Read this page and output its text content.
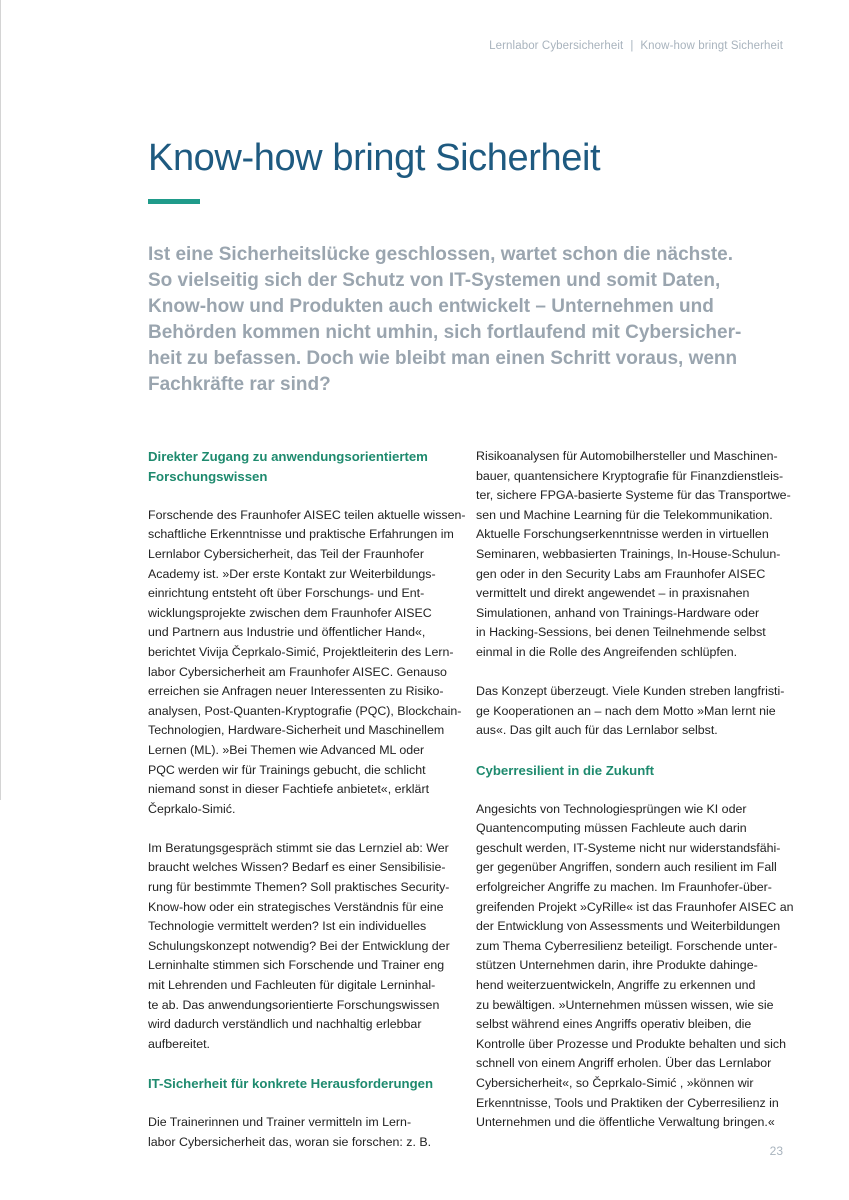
Lernlabor Cybersicherheit | Know-how bringt Sicherheit
Know-how bringt Sicherheit
Ist eine Sicherheitslücke geschlossen, wartet schon die nächste.
So vielseitig sich der Schutz von IT-Systemen und somit Daten,
Know-how und Produkten auch entwickelt – Unternehmen und
Behörden kommen nicht umhin, sich fortlaufend mit Cybersicher-
heit zu befassen. Doch wie bleibt man einen Schritt voraus, wenn
Fachkräfte rar sind?
Direkter Zugang zu anwendungsorientiertem
Forschungswissen
Forschende des Fraunhofer AISEC teilen aktuelle wissen-
schaftliche Erkenntnisse und praktische Erfahrungen im
Lernlabor Cybersicherheit, das Teil der Fraunhofer
Academy ist. »Der erste Kontakt zur Weiterbildungs-
einrichtung entsteht oft über Forschungs- und Ent-
wicklungsprojekte zwischen dem Fraunhofer AISEC
und Partnern aus Industrie und öffentlicher Hand«,
berichtet Vivija Čeprkalo-Simić, Projektleiterin des Lern-
labor Cybersicherheit am Fraunhofer AISEC. Genauso
erreichen sie Anfragen neuer Interessenten zu Risiko-
analysen, Post-Quanten-Kryptografie (PQC), Blockchain-
Technologien, Hardware-Sicherheit und Maschinellem
Lernen (ML). »Bei Themen wie Advanced ML oder
PQC werden wir für Trainings gebucht, die schlicht
niemand sonst in dieser Fachtiefe anbietet«, erklärt
Čeprkalo-Simić.
Im Beratungsgespräch stimmt sie das Lernziel ab: Wer
braucht welches Wissen? Bedarf es einer Sensibilisie-
rung für bestimmte Themen? Soll praktisches Security-
Know-how oder ein strategisches Verständnis für eine
Technologie vermittelt werden? Ist ein individuelles
Schulungskonzept notwendig? Bei der Entwicklung der
Lerninhalte stimmen sich Forschende und Trainer eng
mit Lehrenden und Fachleuten für digitale Lerninhal-
te ab. Das anwendungsorientierte Forschungswissen
wird dadurch verständlich und nachhaltig erlebbar
aufbereitet.
IT-Sicherheit für konkrete Herausforderungen
Die Trainerinnen und Trainer vermitteln im Lern-
labor Cybersicherheit das, woran sie forschen: z. B.
Risikoanalysen für Automobilhersteller und Maschinen-
bauer, quantensichere Kryptografie für Finanzdienstleis-
ter, sichere FPGA-basierte Systeme für das Transportwe-
sen und Machine Learning für die Telekommunikation.
Aktuelle Forschungserkenntnisse werden in virtuellen
Seminaren, webbasierten Trainings, In-House-Schulun-
gen oder in den Security Labs am Fraunhofer AISEC
vermittelt und direkt angewendet – in praxisnahen
Simulationen, anhand von Trainings-Hardware oder
in Hacking-Sessions, bei denen Teilnehmende selbst
einmal in die Rolle des Angreifenden schlüpfen.
Das Konzept überzeugt. Viele Kunden streben langfristi-
ge Kooperationen an – nach dem Motto »Man lernt nie
aus«. Das gilt auch für das Lernlabor selbst.
Cyberresilient in die Zukunft
Angesichts von Technologiesprüngen wie KI oder
Quantencomputing müssen Fachleute auch darin
geschult werden, IT-Systeme nicht nur widerstandsfähi-
ger gegenüber Angriffen, sondern auch resilient im Fall
erfolgreicher Angriffe zu machen. Im Fraunhofer-über-
greifenden Projekt »CyRille« ist das Fraunhofer AISEC an
der Entwicklung von Assessments und Weiterbildungen
zum Thema Cyberresilienz beteiligt. Forschende unter-
stützen Unternehmen darin, ihre Produkte dahinge-
hend weiterzuentwickeln, Angriffe zu erkennen und
zu bewältigen. »Unternehmen müssen wissen, wie sie
selbst während eines Angriffs operativ bleiben, die
Kontrolle über Prozesse und Produkte behalten und sich
schnell von einem Angriff erholen. Über das Lernlabor
Cybersicherheit«, so Čeprkalo-Simić , »können wir
Erkenntnisse, Tools und Praktiken der Cyberresilienz in
Unternehmen und die öffentliche Verwaltung bringen.«
23
